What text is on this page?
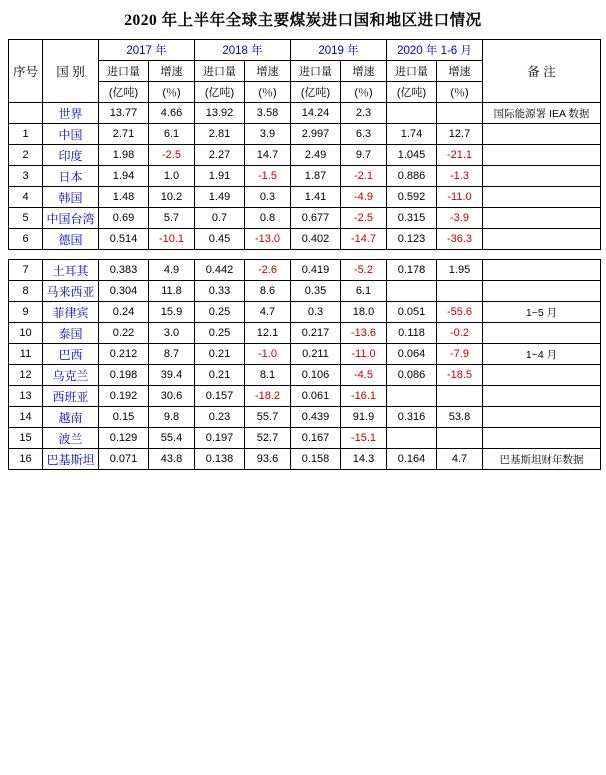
2020 年上半年全球主要煤炭进口国和地区进口情况
序号	国 别	2017 年		2018 年		2019 年		2020 年 1-6 月		备 注
		进口量	增速	进口量	增速	进口量	增速	进口量	增速	
		(亿吨)	(％)	(亿吨)	(％)	(亿吨)	(％)	(亿吨)	(％)	
	世界	13.77	4.66	13.92	3.58	14.24	2.3			国际能源署 IEA 数据
1	中国	2.71	6.1	2.81	3.9	2.997	6.3	1.74	12.7	
2	印度	1.98	-2.5	2.27	14.7	2.49	9.7	1.045	-21.1	
3	日本	1.94	1.0	1.91	-1.5	1.87	-2.1	0.886	-1.3	
4	韩国	1.48	10.2	1.49	0.3	1.41	-4.9	0.592	-11.0	
5	中国台湾	0.69	5.7	0.7	0.8	0.677	-2.5	0.315	-3.9	
6	德国	0.514	-10.1	0.45	-13.0	0.402	-14.7	0.123	-36.3	
7	土耳其	0.383	4.9	0.442	-2.6	0.419	-5.2	0.178	1.95	
8	马来西亚	0.304	11.8	0.33	8.6	0.35	6.1			
9	菲律宾	0.24	15.9	0.25	4.7	0.3	18.0	0.051	-55.6	1~5 月
10	泰国	0.22	3.0	0.25	12.1	0.217	-13.6	0.118	-0.2	
11	巴西	0.212	8.7	0.21	-1.0	0.211	-11.0	0.064	-7.9	1~4 月
12	乌克兰	0.198	39.4	0.21	8.1	0.106	-4.5	0.086	-18.5	
13	西班亚	0.192	30.6	0.157	-18.2	0.061	-16.1			
14	越南	0.15	9.8	0.23	55.7	0.439	91.9	0.316	53.8	
15	波兰	0.129	55.4	0.197	52.7	0.167	-15.1			
16	巴基斯坦	0.071	43.8	0.138	93.6	0.158	14.3	0.164	4.7	巴基斯坦财年数据
